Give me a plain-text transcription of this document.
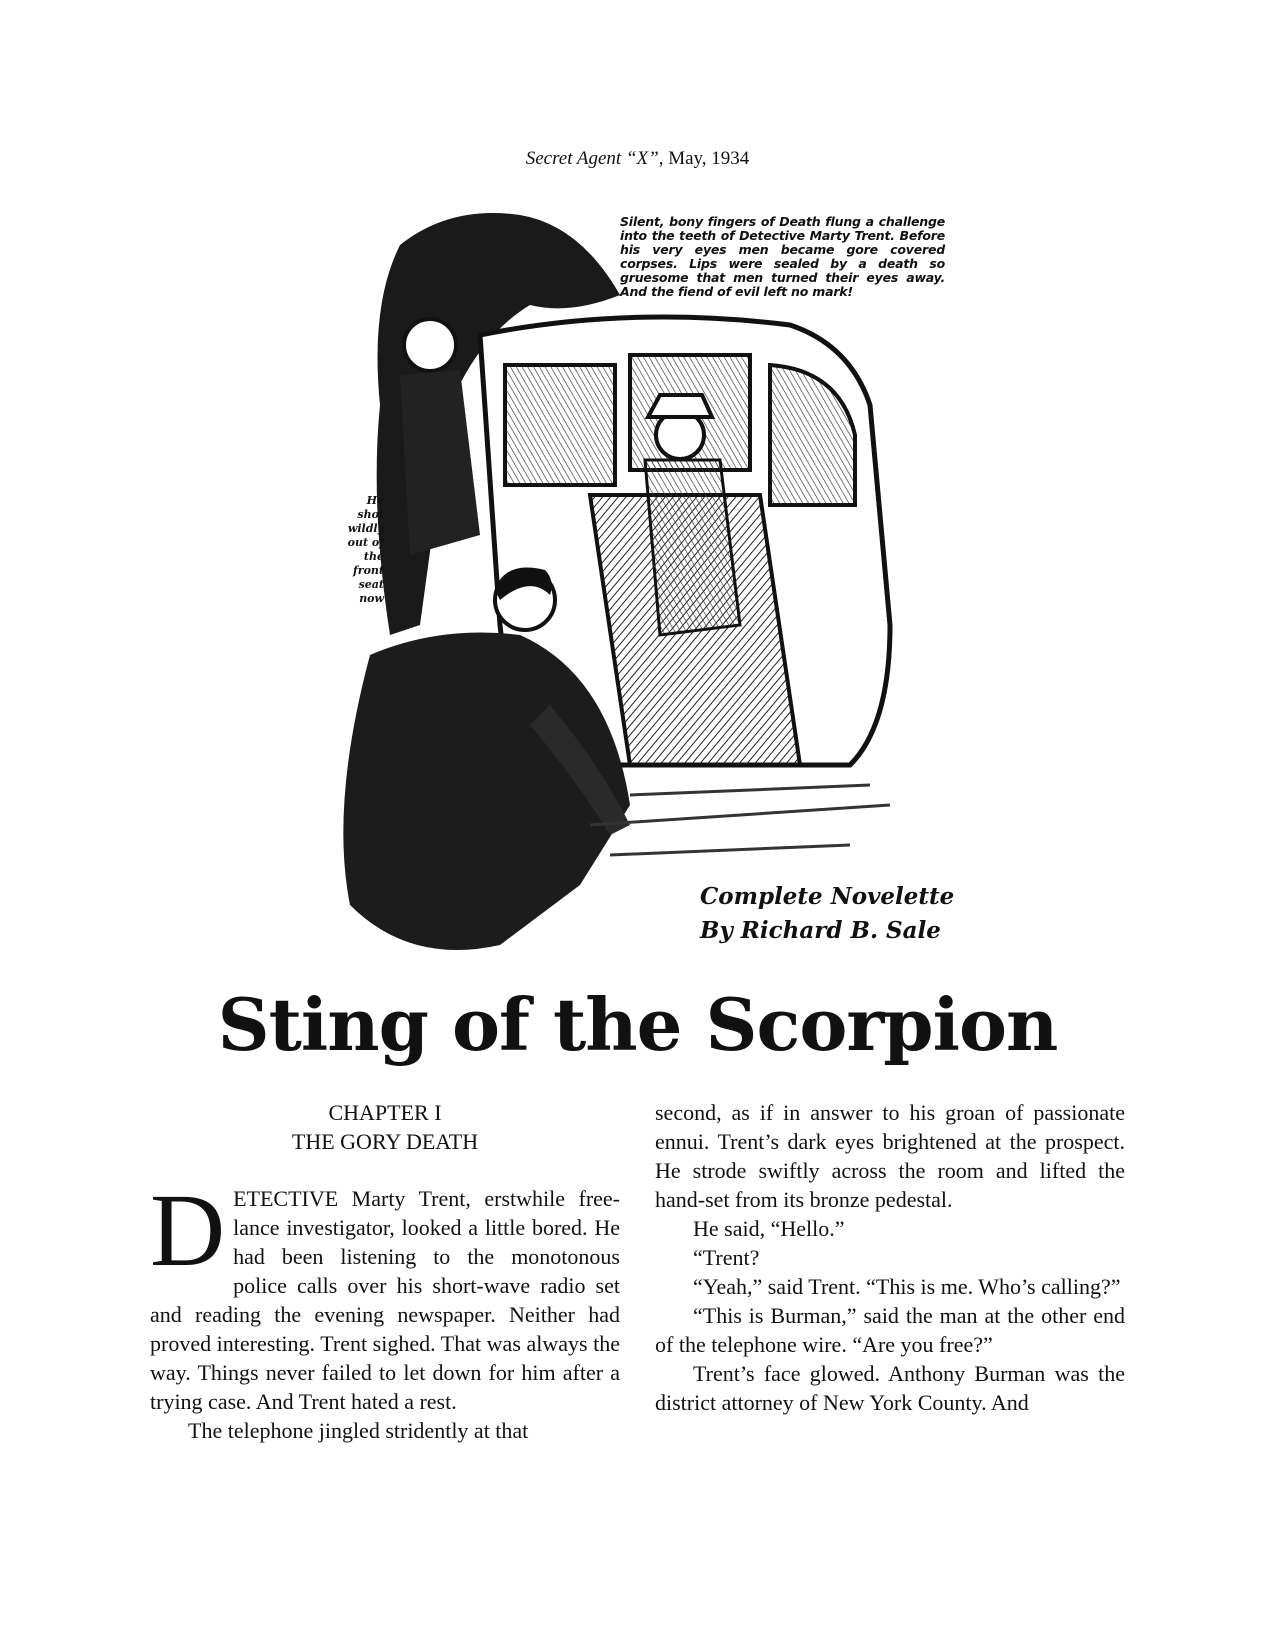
Secret Agent “X”, May, 1934
Silent, bony fingers of Death flung a challenge into the teeth of Detective Marty Trent. Before his very eyes men became gore covered corpses. Lips were sealed by a death so gruesome that men turned their eyes away. And the fiend of evil left no mark!
He shot wildly out of the front seat now
Complete Novelette
By Richard B. Sale
Sting of the Scorpion
CHAPTER I
THE GORY DEATH

DETECTIVE Marty Trent, erstwhile free-lance investigator, looked a little bored. He had been listening to the monotonous police calls over his short-wave radio set and reading the evening newspaper. Neither had proved interesting. Trent sighed. That was always the way. Things never failed to let down for him after a trying case. And Trent hated a rest.

The telephone jingled stridently at that

second, as if in answer to his groan of passionate ennui. Trent’s dark eyes brightened at the prospect. He strode swiftly across the room and lifted the hand-set from its bronze pedestal.

He said, “Hello.”

“Trent?

“Yeah,” said Trent. “This is me. Who’s calling?”

“This is Burman,” said the man at the other end of the telephone wire. “Are you free?”

Trent’s face glowed. Anthony Burman was the district attorney of New York County. And
